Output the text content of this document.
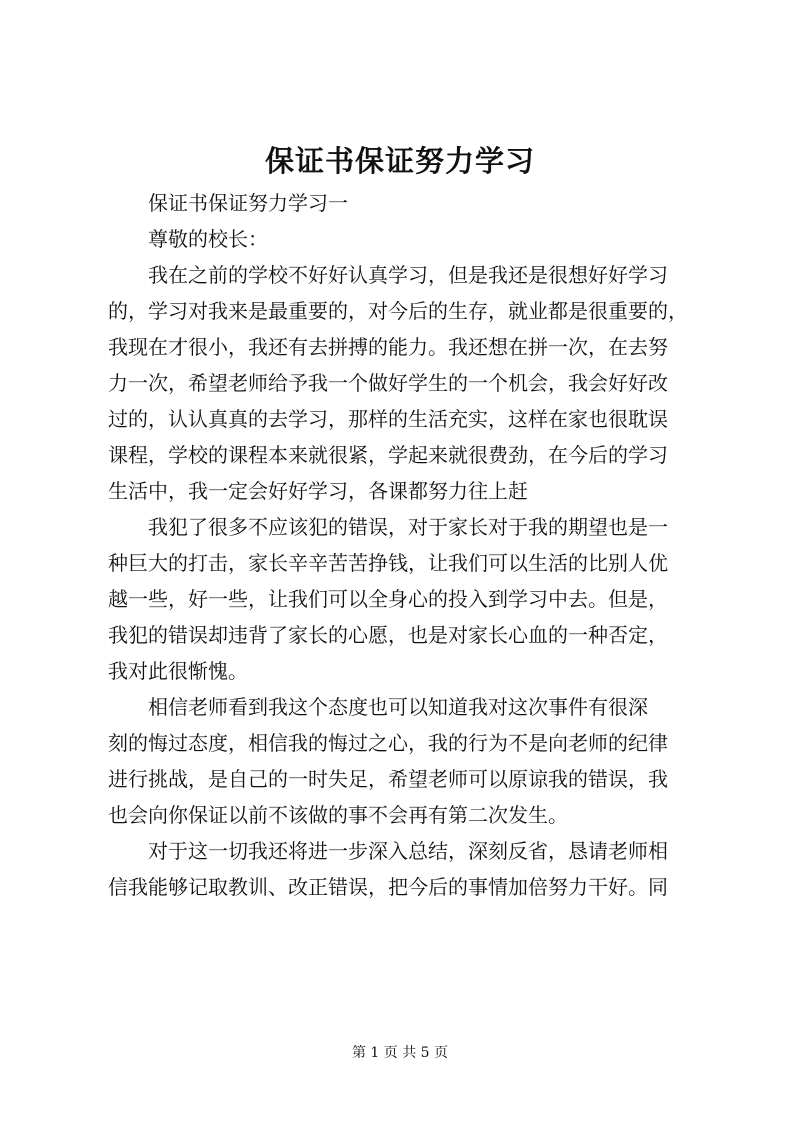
保证书保证努力学习
保证书保证努力学习一
尊敬的校长：
我在之前的学校不好好认真学习，但是我还是很想好好学习
的，学习对我来是最重要的，对今后的生存，就业都是很重要的，
我现在才很小，我还有去拼搏的能力。我还想在拼一次，在去努
力一次，希望老师给予我一个做好学生的一个机会，我会好好改
过的，认认真真的去学习，那样的生活充实，这样在家也很耽误
课程，学校的课程本来就很紧，学起来就很费劲，在今后的学习
生活中，我一定会好好学习，各课都努力往上赶
我犯了很多不应该犯的错误，对于家长对于我的期望也是一
种巨大的打击，家长辛辛苦苦挣钱，让我们可以生活的比别人优
越一些，好一些，让我们可以全身心的投入到学习中去。但是，
我犯的错误却违背了家长的心愿，也是对家长心血的一种否定，
我对此很惭愧。
相信老师看到我这个态度也可以知道我对这次事件有很深
刻的悔过态度，相信我的悔过之心，我的行为不是向老师的纪律
进行挑战，是自己的一时失足，希望老师可以原谅我的错误，我
也会向你保证以前不该做的事不会再有第二次发生。
对于这一切我还将进一步深入总结，深刻反省，恳请老师相
信我能够记取教训、改正错误，把今后的事情加倍努力干好。同
第 1 页 共 5 页
